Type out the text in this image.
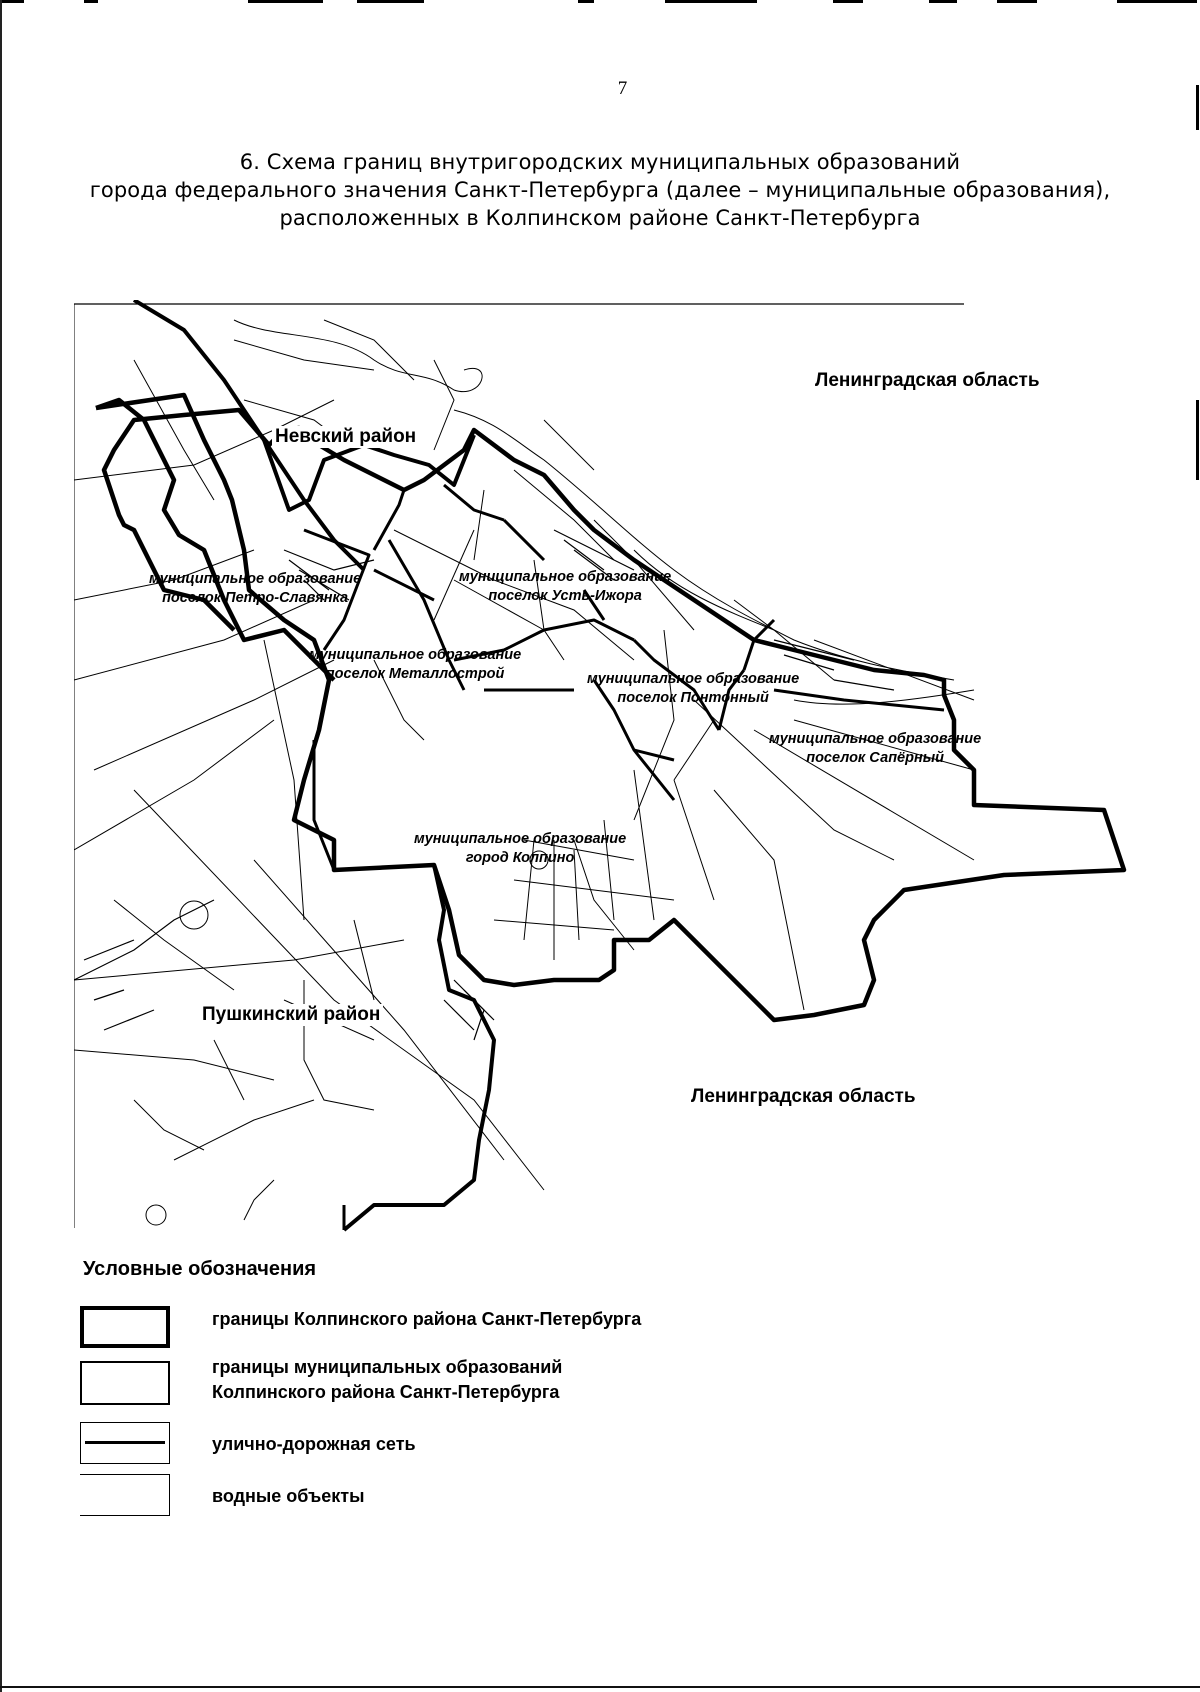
7
6. Схема границ внутригородских муниципальных образований
города федерального значения Санкт-Петербурга (далее – муниципальные образования),
расположенных в Колпинском районе Санкт-Петербурга
Ленинградская область
Ленинградская область
Невский район
Пушкинский район
муниципальное образование
поселок Петро-Славянка
муниципальное образование
поселок Усть-Ижора
муниципальное образование
поселок Металлострой	муниципальное образование
поселок Понтонный
муниципальное образование
поселок Сапёрный
муниципальное образование
город Колпино
Условные обозначения
границы Колпинского района Санкт-Петербурга
границы муниципальных образований
Колпинского района Санкт-Петербурга
улично-дорожная сеть
водные объекты
